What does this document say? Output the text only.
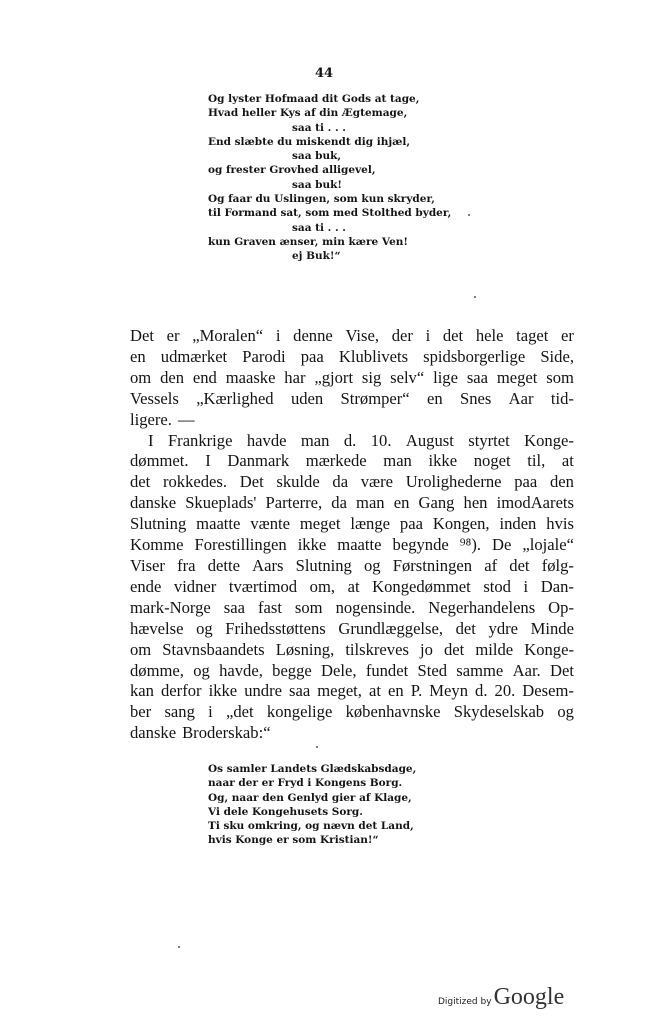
44
Og lyster Hofmaad dit Gods at tage,
Hvad heller Kys af din Ægtemage,
saa ti . . .
End slæbte du miskendt dig ihjæl,
saa buk,
og frester Grovhed alligevel,
saa buk!
Og faar du Uslingen, som kun skryder,
til Formand sat, som med Stolthed byder,
saa ti . . .
kun Graven ænser, min kære Ven!
ej Buk!“
Det er „Moralen“ i denne Vise, der i det hele taget er
en udmærket Parodi paa Klublivets spidsborgerlige Side,
om den end maaske har „gjort sig selv“ lige saa meget som
Vessels „Kærlighed uden Strømper“ en Snes Aar tid-
ligere. —
I Frankrige havde man d. 10. August styrtet Konge-
dømmet. I Danmark mærkede man ikke noget til, at
det rokkedes. Det skulde da være Urolighederne paa den
danske Skueplads' Parterre, da man en Gang hen imodAarets
Slutning maatte vænte meget længe paa Kongen, inden hvis
Komme Forestillingen ikke maatte begynde ⁹⁸). De „lojale“
Viser fra dette Aars Slutning og Førstningen af det følg-
ende vidner tværtimod om, at Kongedømmet stod i Dan-
mark-Norge saa fast som nogensinde. Negerhandelens Op-
hævelse og Frihedsstøttens Grundlæggelse, det ydre Minde
om Stavnsbaandets Løsning, tilskreves jo det milde Konge-
dømme, og havde, begge Dele, fundet Sted samme Aar. Det
kan derfor ikke undre saa meget, at en P. Meyn d. 20. Desem-
ber sang i „det kongelige københavnske Skydeselskab og
danske Broderskab:“
Os samler Landets Glædskabsdage,
naar der er Fryd i Kongens Borg.
Og, naar den Genlyd gier af Klage,
Vi dele Kongehusets Sorg.
Ti sku omkring, og nævn det Land,
hvis Konge er som Kristian!“
Digitized by Google
